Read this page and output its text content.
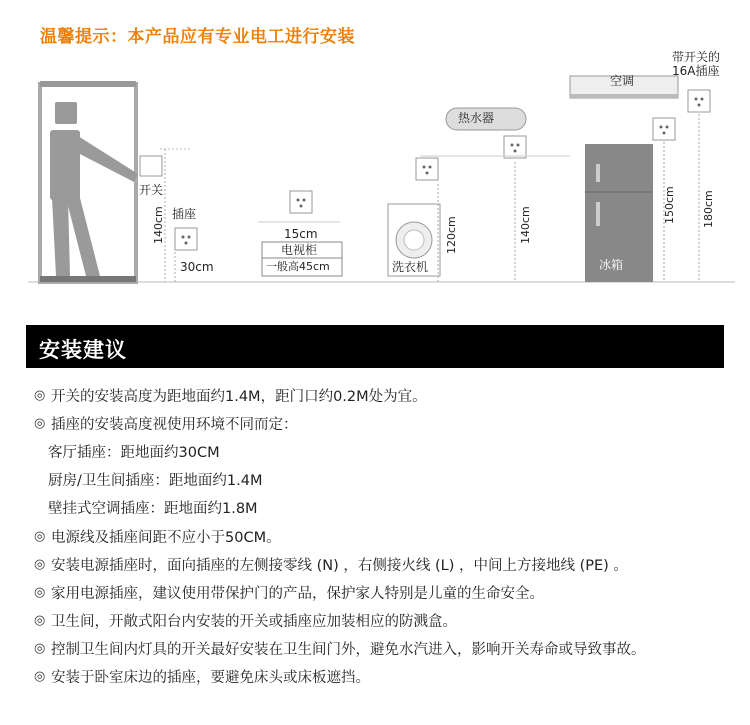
温馨提示：本产品应有专业电工进行安装
开关
插座
140cm
30cm
15cm
电视柜
一般高45cm	洗衣机
120cm
热水器
140cm
空调
带开关的
16A插座
冰箱
150cm 180cm
安装建议
◎ 开关的安装高度为距地面约1.4M，距门口约0.2M处为宜。
◎ 插座的安装高度视使用环境不同而定：
客厅插座：距地面约30CM
厨房/卫生间插座：距地面约1.4M
壁挂式空调插座：距地面约1.8M
◎ 电源线及插座间距不应小于50CM。
◎ 安装电源插座时，面向插座的左侧接零线 (N) ，右侧接火线 (L) ，中间上方接地线 (PE) 。
◎ 家用电源插座，建议使用带保护门的产品，保护家人特别是儿童的生命安全。
◎ 卫生间，开敞式阳台内安装的开关或插座应加装相应的防溅盒。
◎ 控制卫生间内灯具的开关最好安装在卫生间门外，避免水汽进入，影响开关寿命或导致事故。
◎ 安装于卧室床边的插座，要避免床头或床板遮挡。
